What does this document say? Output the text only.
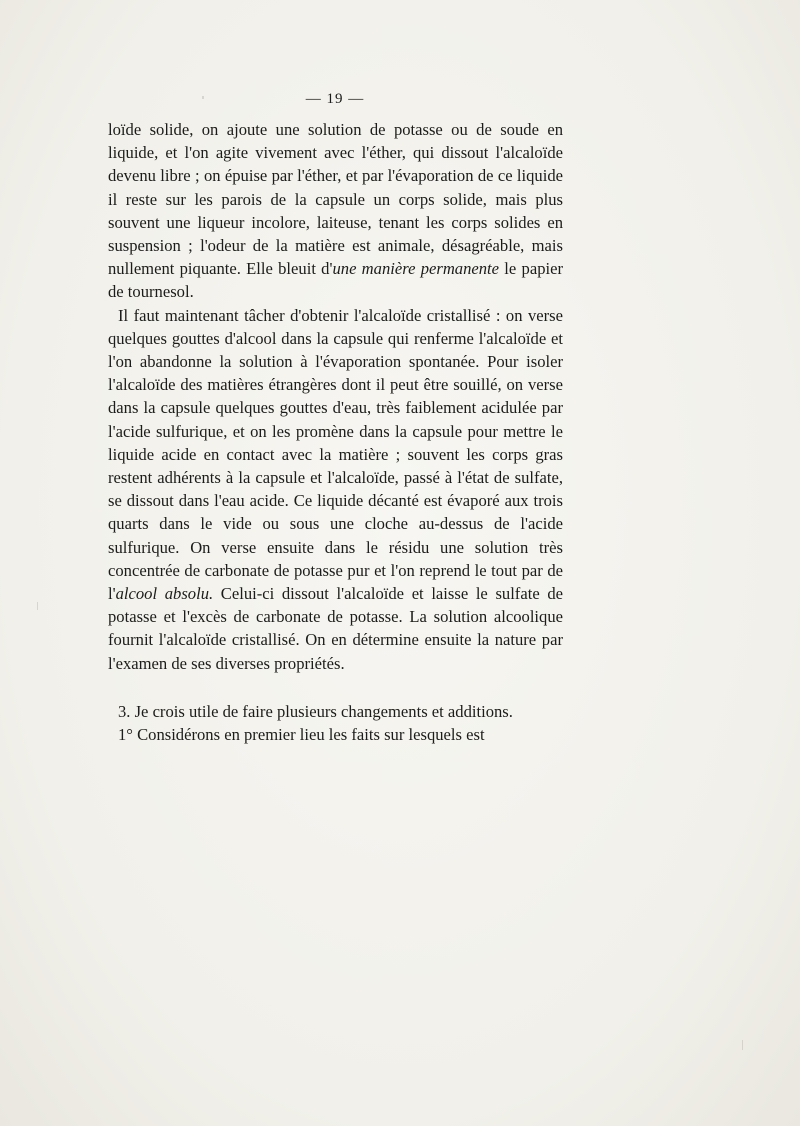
— 19 —

loïde solide, on ajoute une solution de potasse ou de soude en liquide, et l'on agite vivement avec l'éther, qui dissout l'alcaloïde devenu libre ; on épuise par l'éther, et par l'évaporation de ce liquide il reste sur les parois de la capsule un corps solide, mais plus souvent une liqueur incolore, laiteuse, tenant les corps solides en suspension ; l'odeur de la matière est animale, désagréable, mais nullement piquante. Elle bleuit d'une manière permanente le papier de tournesol.

Il faut maintenant tâcher d'obtenir l'alcaloïde cristallisé : on verse quelques gouttes d'alcool dans la capsule qui renferme l'alcaloïde et l'on abandonne la solution à l'évaporation spontanée. Pour isoler l'alcaloïde des matières étrangères dont il peut être souillé, on verse dans la capsule quelques gouttes d'eau, très faiblement acidulée par l'acide sulfurique, et on les promène dans la capsule pour mettre le liquide acide en contact avec la matière ; souvent les corps gras restent adhérents à la capsule et l'alcaloïde, passé à l'état de sulfate, se dissout dans l'eau acide. Ce liquide décanté est évaporé aux trois quarts dans le vide ou sous une cloche au-dessus de l'acide sulfurique. On verse ensuite dans le résidu une solution très concentrée de carbonate de potasse pur et l'on reprend le tout par de l'alcool absolu. Celui-ci dissout l'alcaloïde et laisse le sulfate de potasse et l'excès de carbonate de potasse. La solution alcoolique fournit l'alcaloïde cristallisé. On en détermine ensuite la nature par l'examen de ses diverses propriétés.

3. Je crois utile de faire plusieurs changements et additions.

1° Considérons en premier lieu les faits sur lesquels est
